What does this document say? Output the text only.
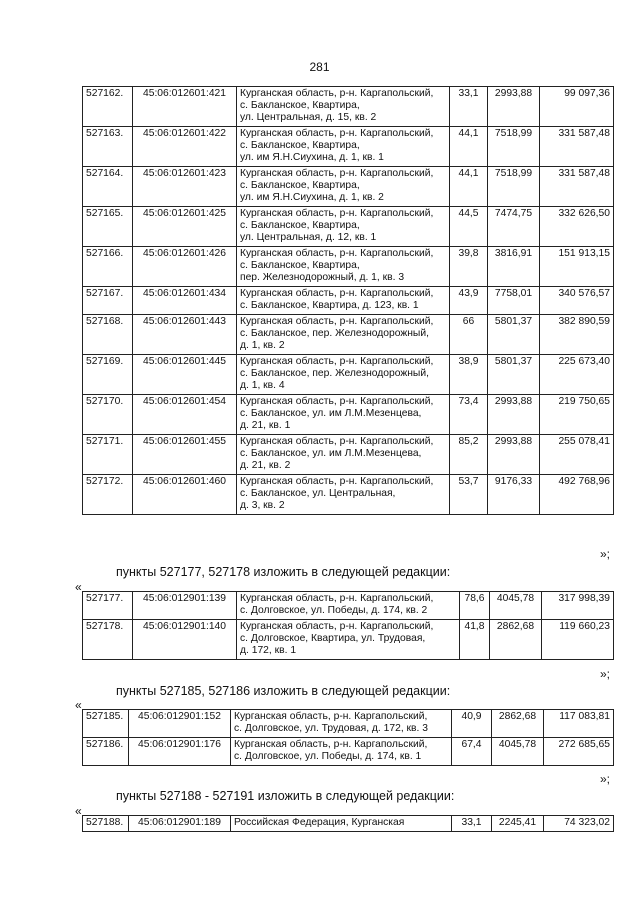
281
527162.	45:06:012601:421	Курганская область, р-н. Каргапольский,
с. Бакланское, Квартира,
ул. Центральная, д. 15, кв. 2	33,1	2993,88	99 097,36
527163.	45:06:012601:422	Курганская область, р-н. Каргапольский,
с. Бакланское, Квартира,
ул. им Я.Н.Сиухина, д. 1, кв. 1	44,1	7518,99	331 587,48
527164.	45:06:012601:423	Курганская область, р-н. Каргапольский,
с. Бакланское, Квартира,
ул. им Я.Н.Сиухина, д. 1, кв. 2	44,1	7518,99	331 587,48
527165.	45:06:012601:425	Курганская область, р-н. Каргапольский,
с. Бакланское, Квартира,
ул. Центральная, д. 12, кв. 1	44,5	7474,75	332 626,50
527166.	45:06:012601:426	Курганская область, р-н. Каргапольский,
с. Бакланское, Квартира,
пер. Железнодорожный, д. 1, кв. 3	39,8	3816,91	151 913,15
527167.	45:06:012601:434	Курганская область, р-н. Каргапольский,
с. Бакланское, Квартира, д. 123, кв. 1	43,9	7758,01	340 576,57
527168.	45:06:012601:443	Курганская область, р-н. Каргапольский,
с. Бакланское, пер. Железнодорожный,
д. 1, кв. 2	66	5801,37	382 890,59
527169.	45:06:012601:445	Курганская область, р-н. Каргапольский,
с. Бакланское, пер. Железнодорожный,
д. 1, кв. 4	38,9	5801,37	225 673,40
527170.	45:06:012601:454	Курганская область, р-н. Каргапольский,
с. Бакланское, ул. им Л.М.Мезенцева,
д. 21, кв. 1	73,4	2993,88	219 750,65
527171.	45:06:012601:455	Курганская область, р-н. Каргапольский,
с. Бакланское, ул. им Л.М.Мезенцева,
д. 21, кв. 2	85,2	2993,88	255 078,41
527172.	45:06:012601:460	Курганская область, р-н. Каргапольский,
с. Бакланское, ул. Центральная,
д. 3, кв. 2	53,7	9176,33	492 768,96
»;
пункты 527177, 527178 изложить в следующей редакции:
«
527177.	45:06:012901:139	Курганская область, р-н. Каргапольский,
с. Долговское, ул. Победы, д. 174, кв. 2	78,6	4045,78	317 998,39
527178.	45:06:012901:140	Курганская область, р-н. Каргапольский,
с. Долговское, Квартира, ул. Трудовая,
д. 172, кв. 1	41,8	2862,68	119 660,23
»;
пункты 527185, 527186 изложить в следующей редакции:
«
527185.	45:06:012901:152	Курганская область, р-н. Каргапольский,
с. Долговское, ул. Трудовая, д. 172, кв. 3	40,9	2862,68	117 083,81
527186.	45:06:012901:176	Курганская область, р-н. Каргапольский,
с. Долговское, ул. Победы, д. 174, кв. 1	67,4	4045,78	272 685,65
»;
пункты 527188 - 527191 изложить в следующей редакции:
«
527188.	45:06:012901:189	Российская Федерация, Курганская	33,1	2245,41	74 323,02
